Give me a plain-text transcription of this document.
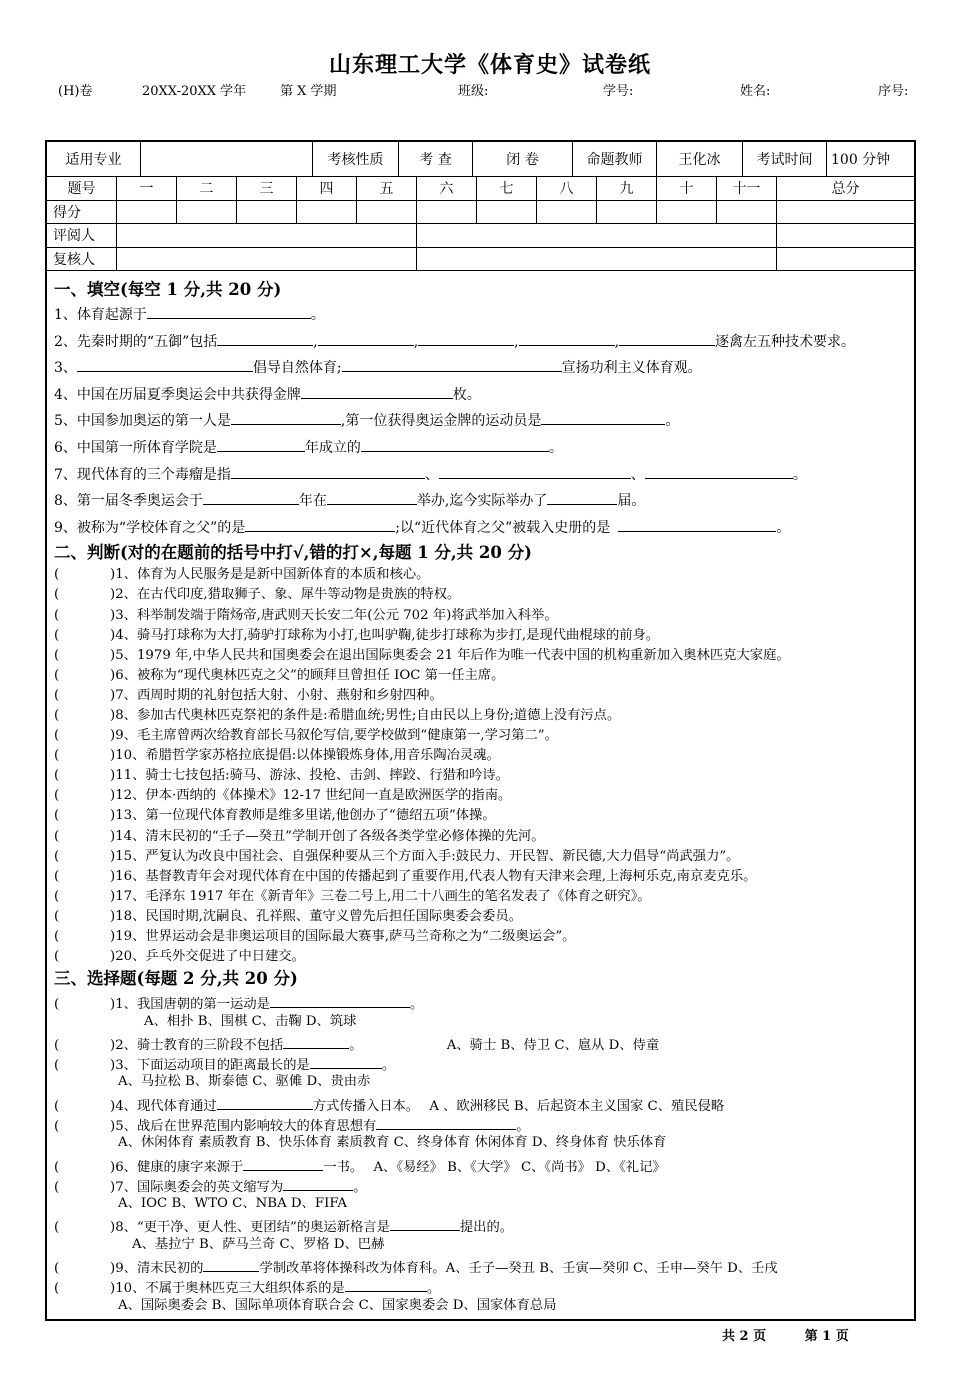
山东理工大学《体育史》试卷纸
(H)卷	20XX-20XX 学年	第 X 学期	班级:	学号:	姓名:	序号:
适用专业		考核性质	考 查	闭 卷	命题教师	王化冰	考试时间	100 分钟
题号	一	二	三	四	五	六	七	八	九	十	十一	总分
得分												
评阅人												
复核人												
一、填空(每空 1 分,共 20 分)
1、体育起源于	。
2、先秦时期的“五御”包括	,	,	,	,	逐禽左五种技术要求。
3、	倡导自然体育;	宣扬功利主义体育观。
4、中国在历届夏季奥运会中共获得金牌	枚。
5、中国参加奥运的第一人是	,第一位获得奥运金牌的运动员是	。
6、中国第一所体育学院是	年成立的	。
7、现代体育的三个毒瘤是指	、	、	。
8、第一届冬季奥运会于	年在	举办,迄今实际举办了	届。
9、被称为“学校体育之父”的是	;以“近代体育之父”被载入史册的是	。
二、判断(对的在题前的括号中打√,错的打×,每题 1 分,共 20 分)
(	)1、体育为人民服务是是新中国新体育的本质和核心。
(	)2、在古代印度,猎取狮子、象、犀牛等动物是贵族的特权。
(	)3、科举制发端于隋炀帝,唐武则天长安二年(公元 702 年)将武举加入科举。
(	)4、骑马打球称为大打,骑驴打球称为小打,也叫驴鞠,徒步打球称为步打,是现代曲棍球的前身。
(	)5、1979 年,中华人民共和国奥委会在退出国际奥委会 21 年后作为唯一代表中国的机构重新加入奥林匹克大家庭。
(	)6、被称为“现代奥林匹克之父”的顾拜旦曾担任 IOC 第一任主席。
(	)7、西周时期的礼射包括大射、小射、燕射和乡射四种。
(	)8、参加古代奥林匹克祭祀的条件是:希腊血统;男性;自由民以上身份;道德上没有污点。
(	)9、毛主席曾两次给教育部长马叙伦写信,要学校做到“健康第一,学习第二”。
(	)10、希腊哲学家苏格拉底提倡:以体操锻炼身体,用音乐陶冶灵魂。
(	)11、骑士七技包括:骑马、游泳、投枪、击剑、摔跤、行猎和吟诗。
(	)12、伊本·西纳的《体操术》12-17 世纪间一直是欧洲医学的指南。
(	)13、第一位现代体育教师是维多里诺,他创办了“德绍五项”体操。
(	)14、清末民初的“壬子—癸丑”学制开创了各级各类学堂必修体操的先河。
(	)15、严复认为改良中国社会、自强保种要从三个方面入手:鼓民力、开民智、新民德,大力倡导“尚武强力”。
(	)16、基督教青年会对现代体育在中国的传播起到了重要作用,代表人物有天津来会理,上海柯乐克,南京麦克乐。
(	)17、毛泽东 1917 年在《新青年》三卷二号上,用二十八画生的笔名发表了《体育之研究》。
(	)18、民国时期,沈嗣良、孔祥熙、董守义曾先后担任国际奥委会委员。
(	)19、世界运动会是非奥运项目的国际最大赛事,萨马兰奇称之为“二级奥运会”。
(	)20、乒乓外交促进了中日建交。
三、选择题(每题 2 分,共 20 分)
(	)1、我国唐朝的第一运动是	。
A、相扑 B、围棋 C、击鞠 D、筑球
(	)2、骑士教育的三阶段不包括	。	A、骑士 B、侍卫 C、扈从 D、侍童
(	)3、下面运动项目的距离最长的是	。
A、马拉松 B、斯泰德 C、驱傩 D、贵由赤
(	)4、现代体育通过	方式传播入日本。 A 、欧洲移民 B、后起资本主义国家 C、殖民侵略
(	)5、战后在世界范围内影响较大的体育思想有	。
A、休闲体育 素质教育 B、快乐体育 素质教育 C、终身体育 休闲体育 D、终身体育 快乐体育
(	)6、健康的康字来源于	一书。 A、《易经》 B、《大学》 C、《尚书》 D、《礼记》
(	)7、国际奥委会的英文缩写为	。
A、IOC B、WTO C、NBA D、FIFA
(	)8、“更干净、更人性、更团结”的奥运新格言是	提出的。
A、基拉宁 B、萨马兰奇 C、罗格 D、巴赫
(	)9、清末民初的	学制改革将体操科改为体育科。A、壬子—癸丑 B、壬寅—癸卯 C、壬申—癸午 D、壬戌
(	)10、不属于奥林匹克三大组织体系的是	。
A、国际奥委会 B、国际单项体育联合会 C、国家奥委会 D、国家体育总局
共 2 页	第 1 页
